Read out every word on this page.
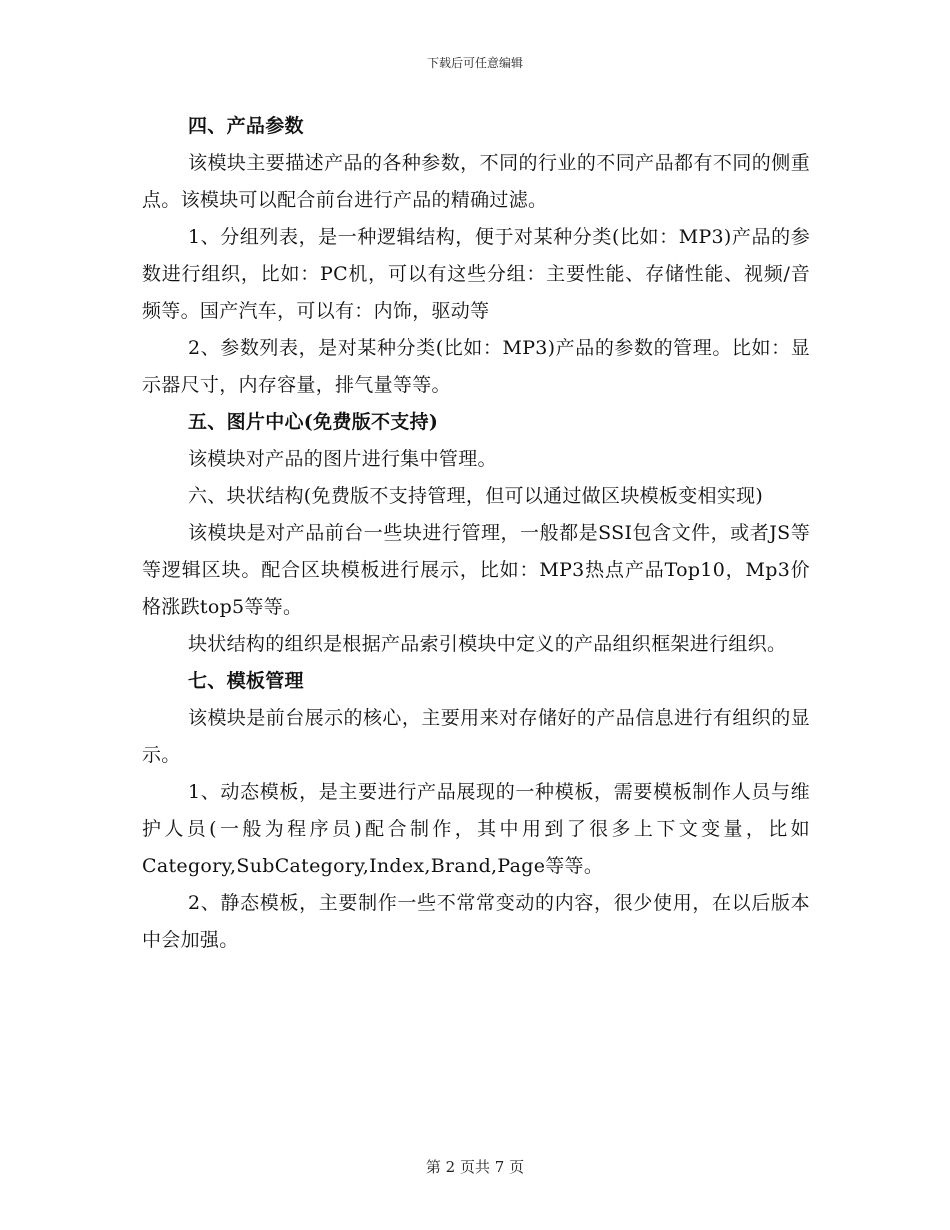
下载后可任意编辑

四、产品参数

该模块主要描述产品的各种参数，不同的行业的不同产品都有不同的侧重点。该模块可以配合前台进行产品的精确过滤。

1、分组列表，是一种逻辑结构，便于对某种分类(比如：MP3)产品的参数进行组织，比如：PC机，可以有这些分组：主要性能、存储性能、视频/音频等。国产汽车，可以有：内饰，驱动等

2、参数列表，是对某种分类(比如：MP3)产品的参数的管理。比如：显示器尺寸，内存容量，排气量等等。

五、图片中心(免费版不支持)

该模块对产品的图片进行集中管理。

六、块状结构(免费版不支持管理，但可以通过做区块模板变相实现)

该模块是对产品前台一些块进行管理，一般都是SSI包含文件，或者JS等等逻辑区块。配合区块模板进行展示，比如：MP3热点产品Top10，Mp3价格涨跌top5等等。

块状结构的组织是根据产品索引模块中定义的产品组织框架进行组织。

七、模板管理

该模块是前台展示的核心，主要用来对存储好的产品信息进行有组织的显示。

1、动态模板，是主要进行产品展现的一种模板，需要模板制作人员与维护人员(一般为程序员)配合制作，其中用到了很多上下文变量，比如Category,SubCategory,Index,Brand,Page等等。

2、静态模板，主要制作一些不常常变动的内容，很少使用，在以后版本中会加强。

第 2 页共 7 页
